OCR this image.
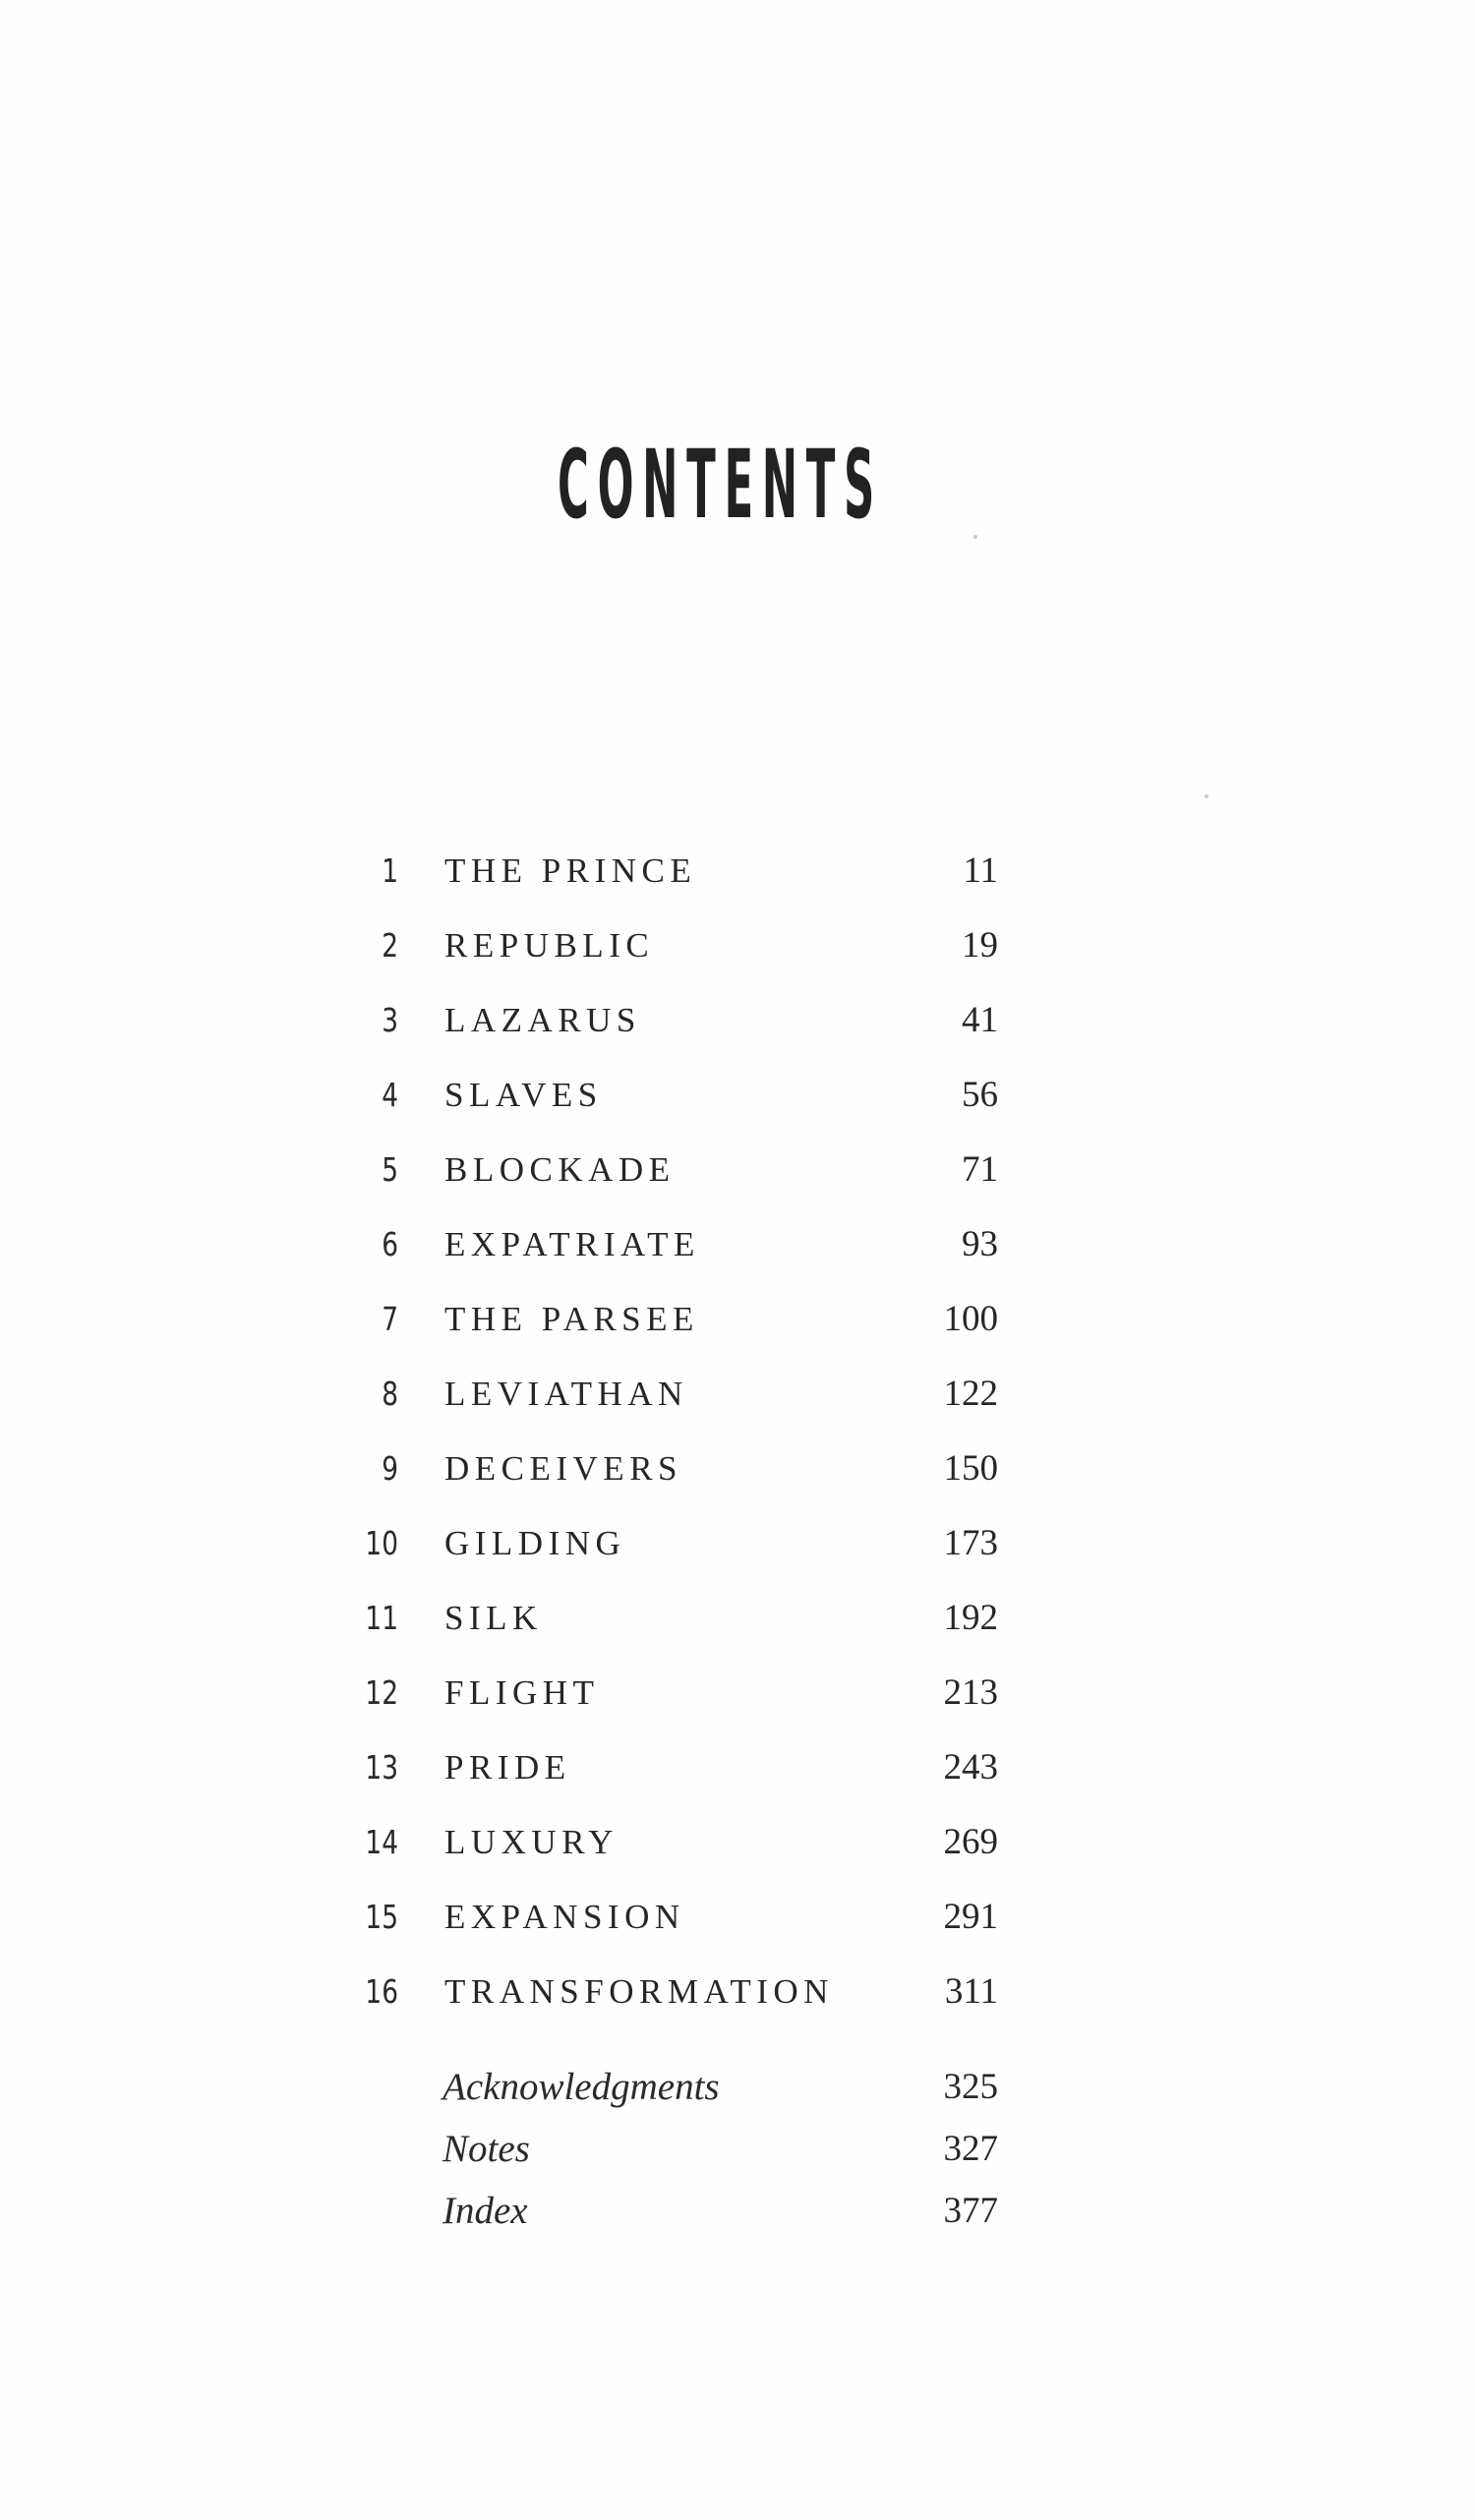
CONTENTS
1 THE PRINCE	11
2 REPUBLIC	19
3 LAZARUS	41
4 SLAVES	56
5 BLOCKADE	71
6 EXPATRIATE	93
7 THE PARSEE	100
8 LEVIATHAN	122
9 DECEIVERS	150
10 GILDING	173
11 SILK	192
12 FLIGHT	213
13 PRIDE	243
14 LUXURY	269
15 EXPANSION	291
16 TRANSFORMATION	311
Acknowledgments	325
Notes	327
Index	377
